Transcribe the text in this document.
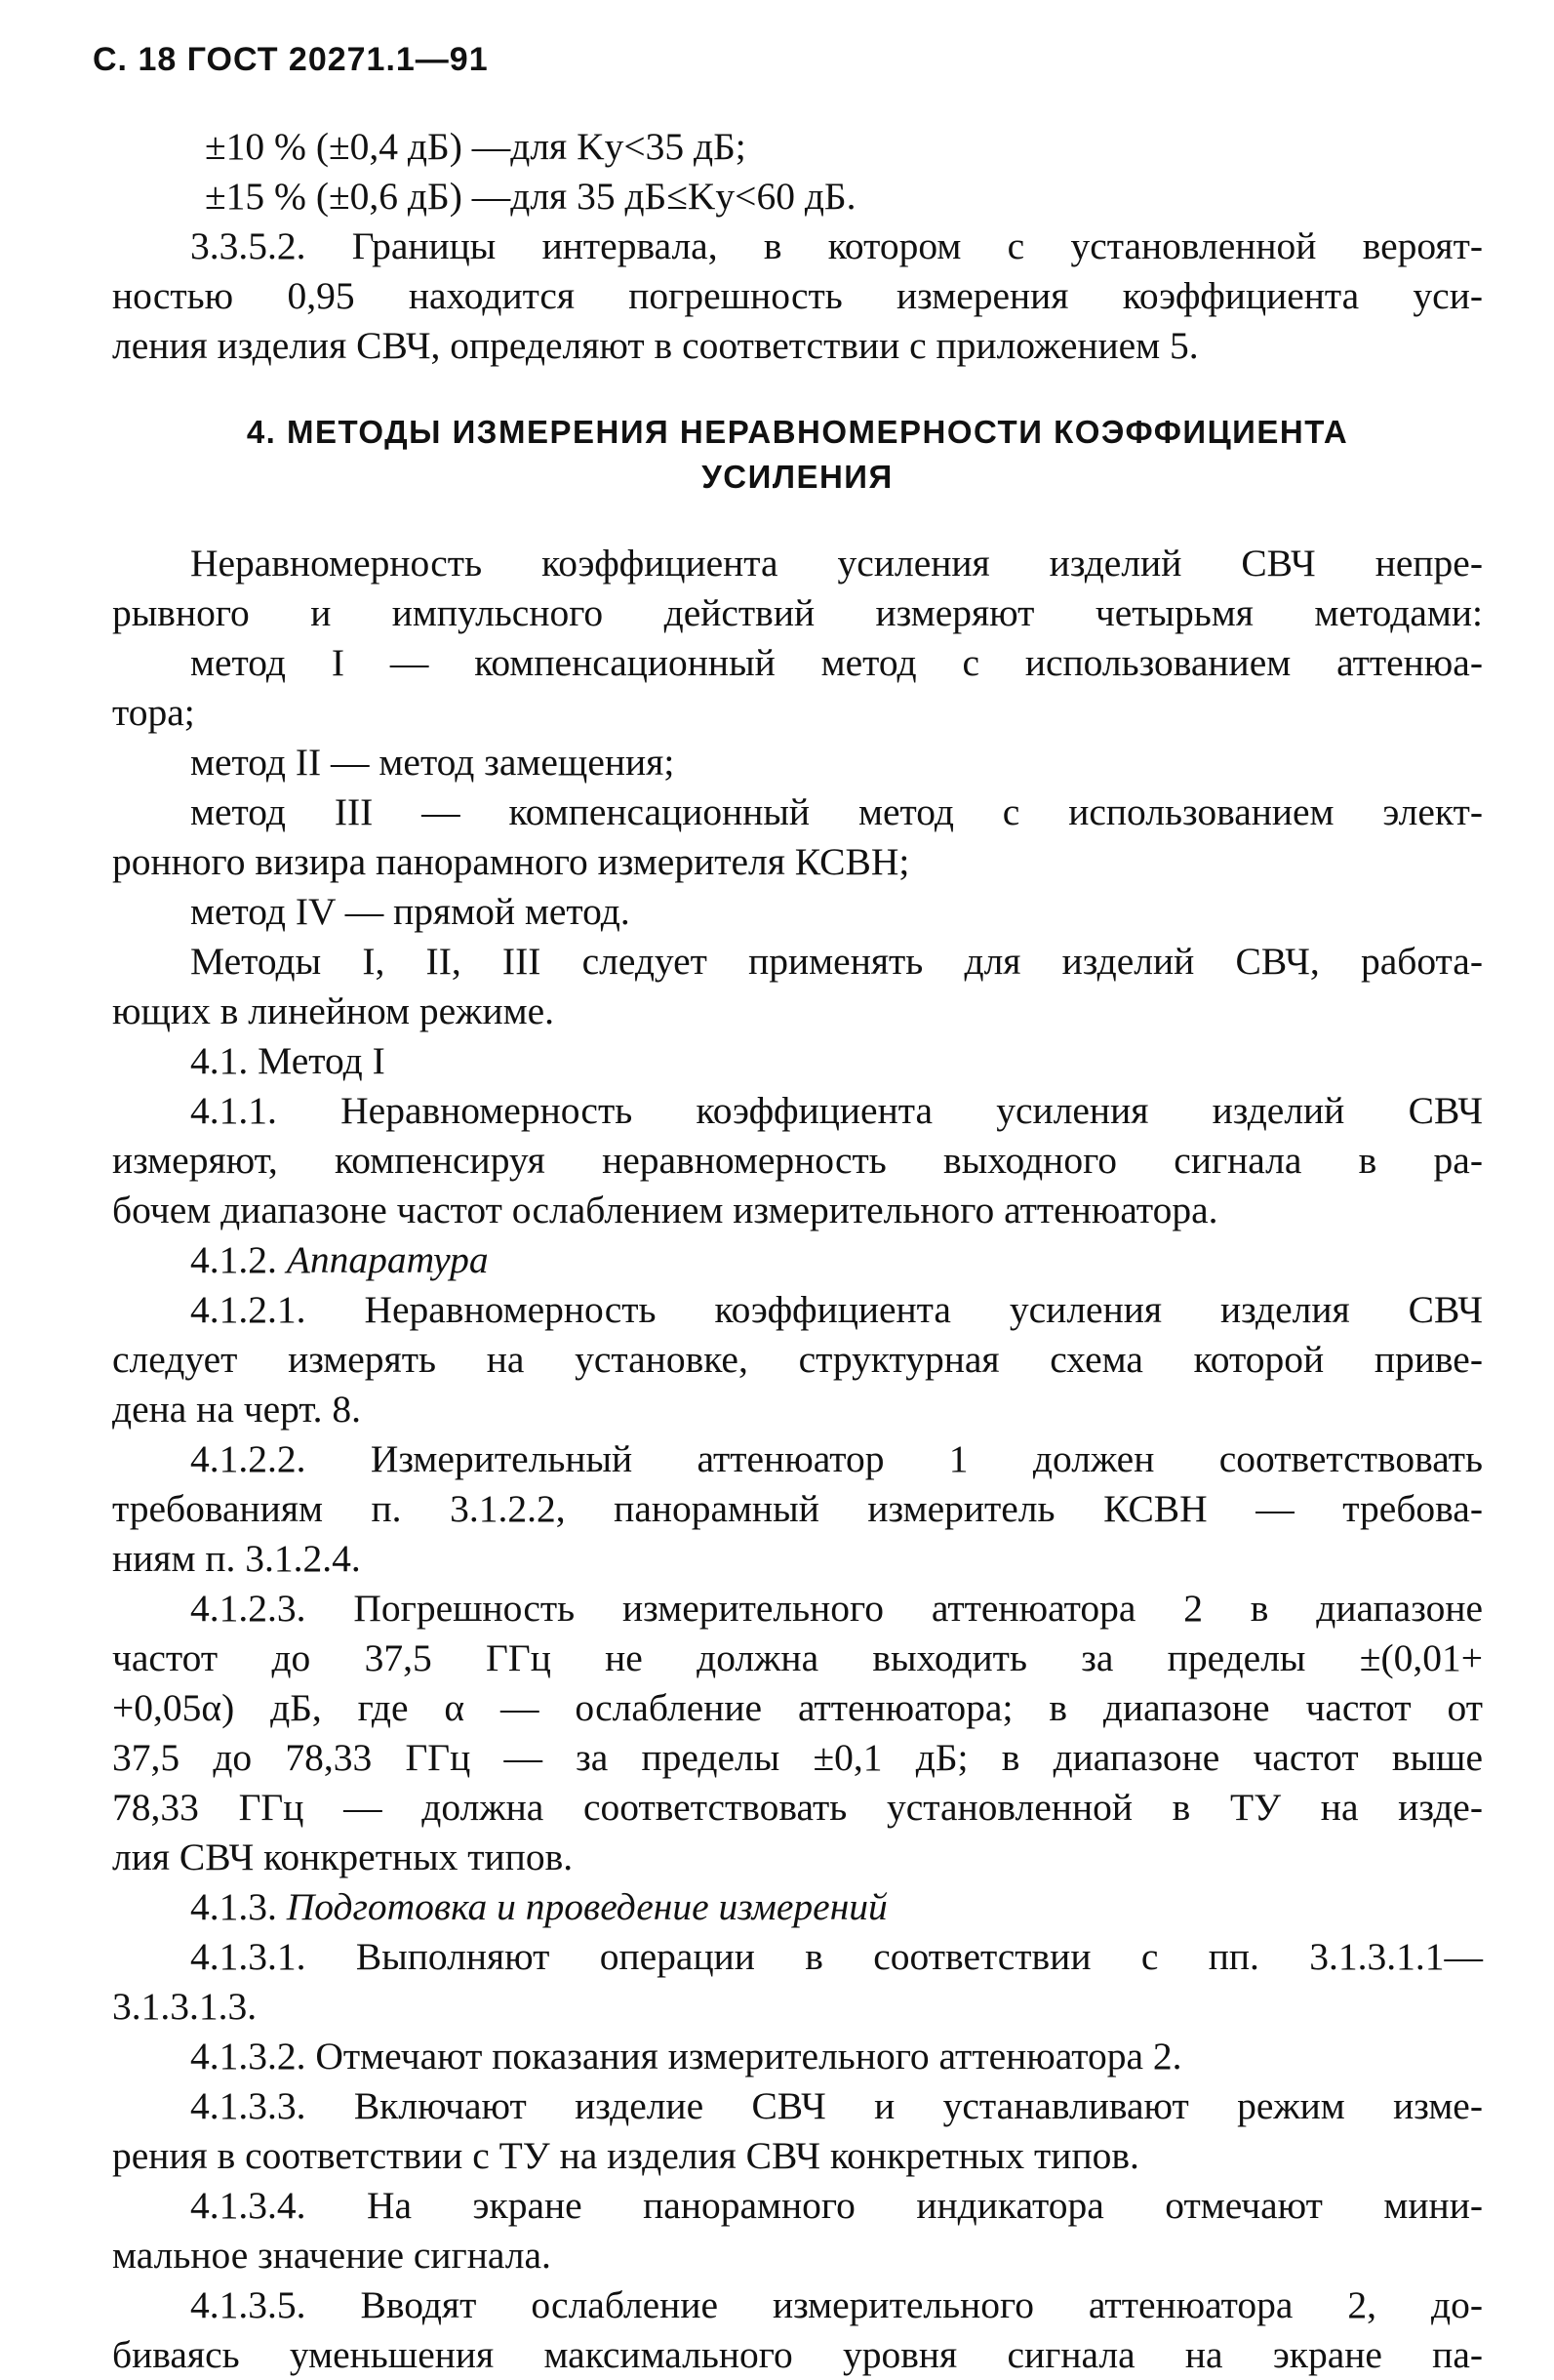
С. 18 ГОСТ 20271.1—91
±10 % (±0,4 дБ) —для Kу<35 дБ;
±15 % (±0,6 дБ) —для 35 дБ≤Kу<60 дБ.
3.3.5.2. Границы интервала, в котором с установленной вероят-
ностью 0,95 находится погрешность измерения коэффициента уси-
ления изделия СВЧ, определяют в соответствии с приложением 5.
4. МЕТОДЫ ИЗМЕРЕНИЯ НЕРАВНОМЕРНОСТИ КОЭФФИЦИЕНТА
УСИЛЕНИЯ
Неравномерность коэффициента усиления изделий СВЧ непре-
рывного и импульсного действий измеряют четырьмя методами:
метод I — компенсационный метод с использованием аттенюа-
тора;
метод II — метод замещения;
метод III — компенсационный метод с использованием элект-
ронного визира панорамного измерителя КСВН;
метод IV — прямой метод.
Методы I, II, III следует применять для изделий СВЧ, работа-
ющих в линейном режиме.
4.1. Метод I
4.1.1. Неравномерность коэффициента усиления изделий СВЧ
измеряют, компенсируя неравномерность выходного сигнала в ра-
бочем диапазоне частот ослаблением измерительного аттенюатора.
4.1.2. Аппаратура
4.1.2.1. Неравномерность коэффициента усиления изделия СВЧ
следует измерять на установке, структурная схема которой приве-
дена на черт. 8.
4.1.2.2. Измерительный аттенюатор 1 должен соответствовать
требованиям п. 3.1.2.2, панорамный измеритель КСВН — требова-
ниям п. 3.1.2.4.
4.1.2.3. Погрешность измерительного аттенюатора 2 в диапазоне
частот до 37,5 ГГц не должна выходить за пределы ±(0,01+
+0,05α) дБ, где α — ослабление аттенюатора; в диапазоне частот от
37,5 до 78,33 ГГц — за пределы ±0,1 дБ; в диапазоне частот выше
78,33 ГГц — должна соответствовать установленной в ТУ на изде-
лия СВЧ конкретных типов.
4.1.3. Подготовка и проведение измерений
4.1.3.1. Выполняют операции в соответствии с пп. 3.1.3.1.1—
3.1.3.1.3.
4.1.3.2. Отмечают показания измерительного аттенюатора 2.
4.1.3.3. Включают изделие СВЧ и устанавливают режим изме-
рения в соответствии с ТУ на изделия СВЧ конкретных типов.
4.1.3.4. На экране панорамного индикатора отмечают мини-
мальное значение сигнала.
4.1.3.5. Вводят ослабление измерительного аттенюатора 2, до-
биваясь уменьшения максимального уровня сигнала на экране па-
